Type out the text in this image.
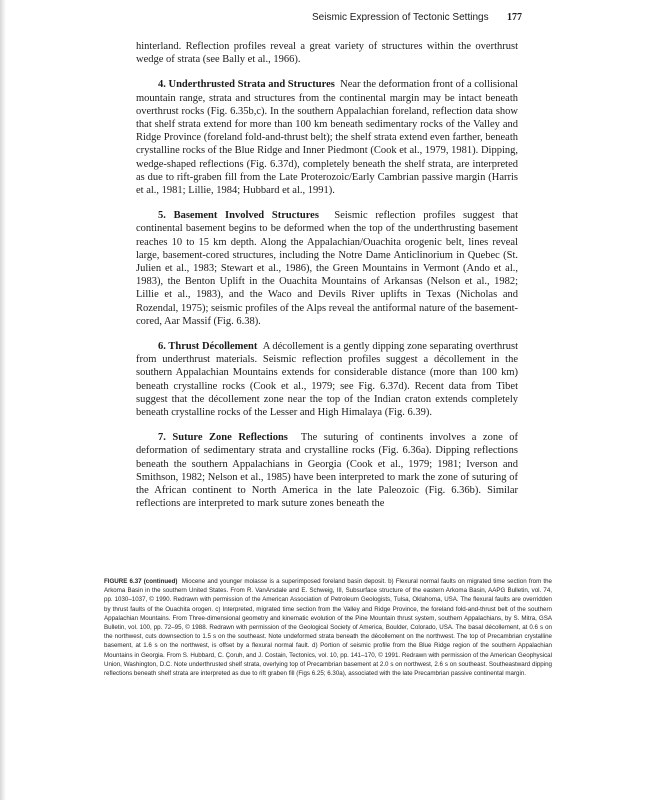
Seismic Expression of Tectonic Settings 177

hinterland. Reflection profiles reveal a great variety of structures within the overthrust wedge of strata (see Bally et al., 1966).

4. Underthrusted Strata and Structures Near the deformation front of a collisional mountain range, strata and structures from the continental margin may be intact beneath overthrust rocks (Fig. 6.35b,c). In the southern Appalachian foreland, reflection data show that shelf strata extend for more than 100 km beneath sedimentary rocks of the Valley and Ridge Province (foreland fold-and-thrust belt); the shelf strata extend even farther, beneath crystalline rocks of the Blue Ridge and Inner Piedmont (Cook et al., 1979, 1981). Dipping, wedge-shaped reflections (Fig. 6.37d), completely beneath the shelf strata, are interpreted as due to rift-graben fill from the Late Proterozoic/Early Cambrian passive margin (Harris et al., 1981; Lillie, 1984; Hubbard et al., 1991).

5. Basement Involved Structures Seismic reflection profiles suggest that continental basement begins to be deformed when the top of the underthrusting basement reaches 10 to 15 km depth. Along the Appalachian/Ouachita orogenic belt, lines reveal large, basement-cored structures, including the Notre Dame Anticlinorium in Quebec (St. Julien et al., 1983; Stewart et al., 1986), the Green Mountains in Vermont (Ando et al., 1983), the Benton Uplift in the Ouachita Mountains of Arkansas (Nelson et al., 1982; Lillie et al., 1983), and the Waco and Devils River uplifts in Texas (Nicholas and Rozendal, 1975); seismic profiles of the Alps reveal the antiformal nature of the basement-cored, Aar Massif (Fig. 6.38).

6. Thrust Décollement A décollement is a gently dipping zone separating overthrust from underthrust materials. Seismic reflection profiles suggest a décollement in the southern Appalachian Mountains extends for considerable distance (more than 100 km) beneath crystalline rocks (Cook et al., 1979; see Fig. 6.37d). Recent data from Tibet suggest that the décollement zone near the top of the Indian craton extends completely beneath crystalline rocks of the Lesser and High Himalaya (Fig. 6.39).

7. Suture Zone Reflections The suturing of continents involves a zone of deformation of sedimentary strata and crystalline rocks (Fig. 6.36a). Dipping reflections beneath the southern Appalachians in Georgia (Cook et al., 1979; 1981; Iverson and Smithson, 1982; Nelson et al., 1985) have been interpreted to mark the zone of suturing of the African continent to North America in the late Paleozoic (Fig. 6.36b). Similar reflections are interpreted to mark suture zones beneath the

FIGURE 6.37 (continued) Miocene and younger molasse is a superimposed foreland basin deposit. b) Flexural normal faults on migrated time section from the Arkoma Basin in the southern United States. From R. VanArsdale and E. Schweig, III, Subsurface structure of the eastern Arkoma Basin, AAPG Bulletin, vol. 74, pp. 1030–1037, © 1990. Redrawn with permission of the American Association of Petroleum Geologists, Tulsa, Oklahoma, USA. The flexural faults are overridden by thrust faults of the Ouachita orogen. c) Interpreted, migrated time section from the Valley and Ridge Province, the foreland fold-and-thrust belt of the southern Appalachian Mountains. From Three-dimensional geometry and kinematic evolution of the Pine Mountain thrust system, southern Appalachians, by S. Mitra, GSA Bulletin, vol. 100, pp. 72–95, © 1988. Redrawn with permission of the Geological Society of America, Boulder, Colorado, USA. The basal décollement, at 0.6 s on the northwest, cuts downsection to 1.5 s on the southeast. Note undeformed strata beneath the décollement on the northwest. The top of Precambrian crystalline basement, at 1.6 s on the northwest, is offset by a flexural normal fault. d) Portion of seismic profile from the Blue Ridge region of the southern Appalachian Mountains in Georgia. From S. Hubbard, C. Çoruh, and J. Costain, Tectonics, vol. 10, pp. 141–170, © 1991. Redrawn with permission of the American Geophysical Union, Washington, D.C. Note underthrusted shelf strata, overlying top of Precambrian basement at 2.0 s on northwest, 2.6 s on southeast. Southeastward dipping reflections beneath shelf strata are interpreted as due to rift graben fill (Figs 6.25; 6.30a), associated with the late Precambrian passive continental margin.
